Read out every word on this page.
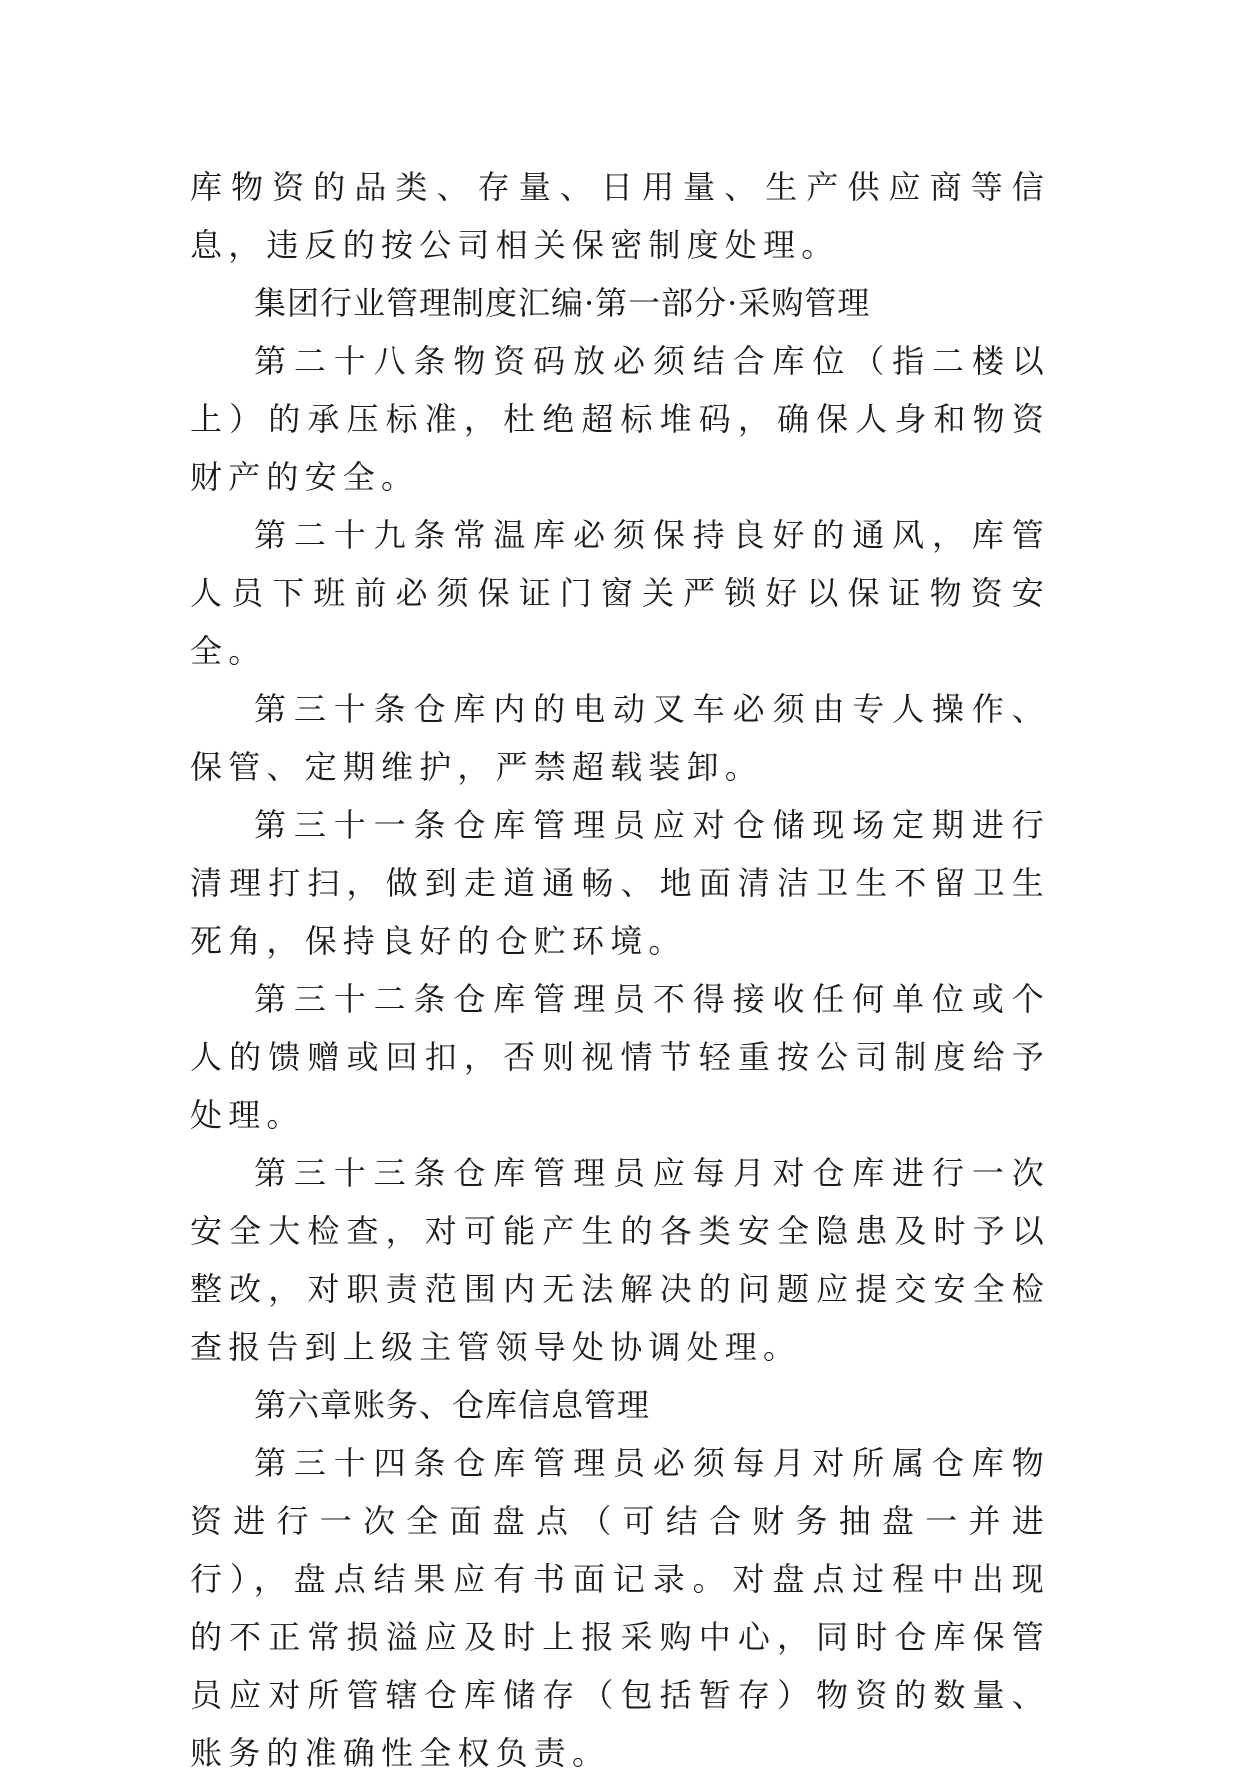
库物资的品类、存量、日用量、生产供应商等信息，违反的按公司相关保密制度处理。

集团行业管理制度汇编·第一部分·采购管理

第二十八条物资码放必须结合库位（指二楼以上）的承压标准，杜绝超标堆码，确保人身和物资财产的安全。

第二十九条常温库必须保持良好的通风，库管人员下班前必须保证门窗关严锁好以保证物资安全。

第三十条仓库内的电动叉车必须由专人操作、保管、定期维护，严禁超载装卸。

第三十一条仓库管理员应对仓储现场定期进行清理打扫，做到走道通畅、地面清洁卫生不留卫生死角，保持良好的仓贮环境。

第三十二条仓库管理员不得接收任何单位或个人的馈赠或回扣，否则视情节轻重按公司制度给予处理。

第三十三条仓库管理员应每月对仓库进行一次安全大检查，对可能产生的各类安全隐患及时予以整改，对职责范围内无法解决的问题应提交安全检查报告到上级主管领导处协调处理。

第六章账务、仓库信息管理

第三十四条仓库管理员必须每月对所属仓库物资进行一次全面盘点（可结合财务抽盘一并进行），盘点结果应有书面记录。对盘点过程中出现的不正常损溢应及时上报采购中心，同时仓库保管员应对所管辖仓库储存（包括暂存）物资的数量、账务的准确性全权负责。
